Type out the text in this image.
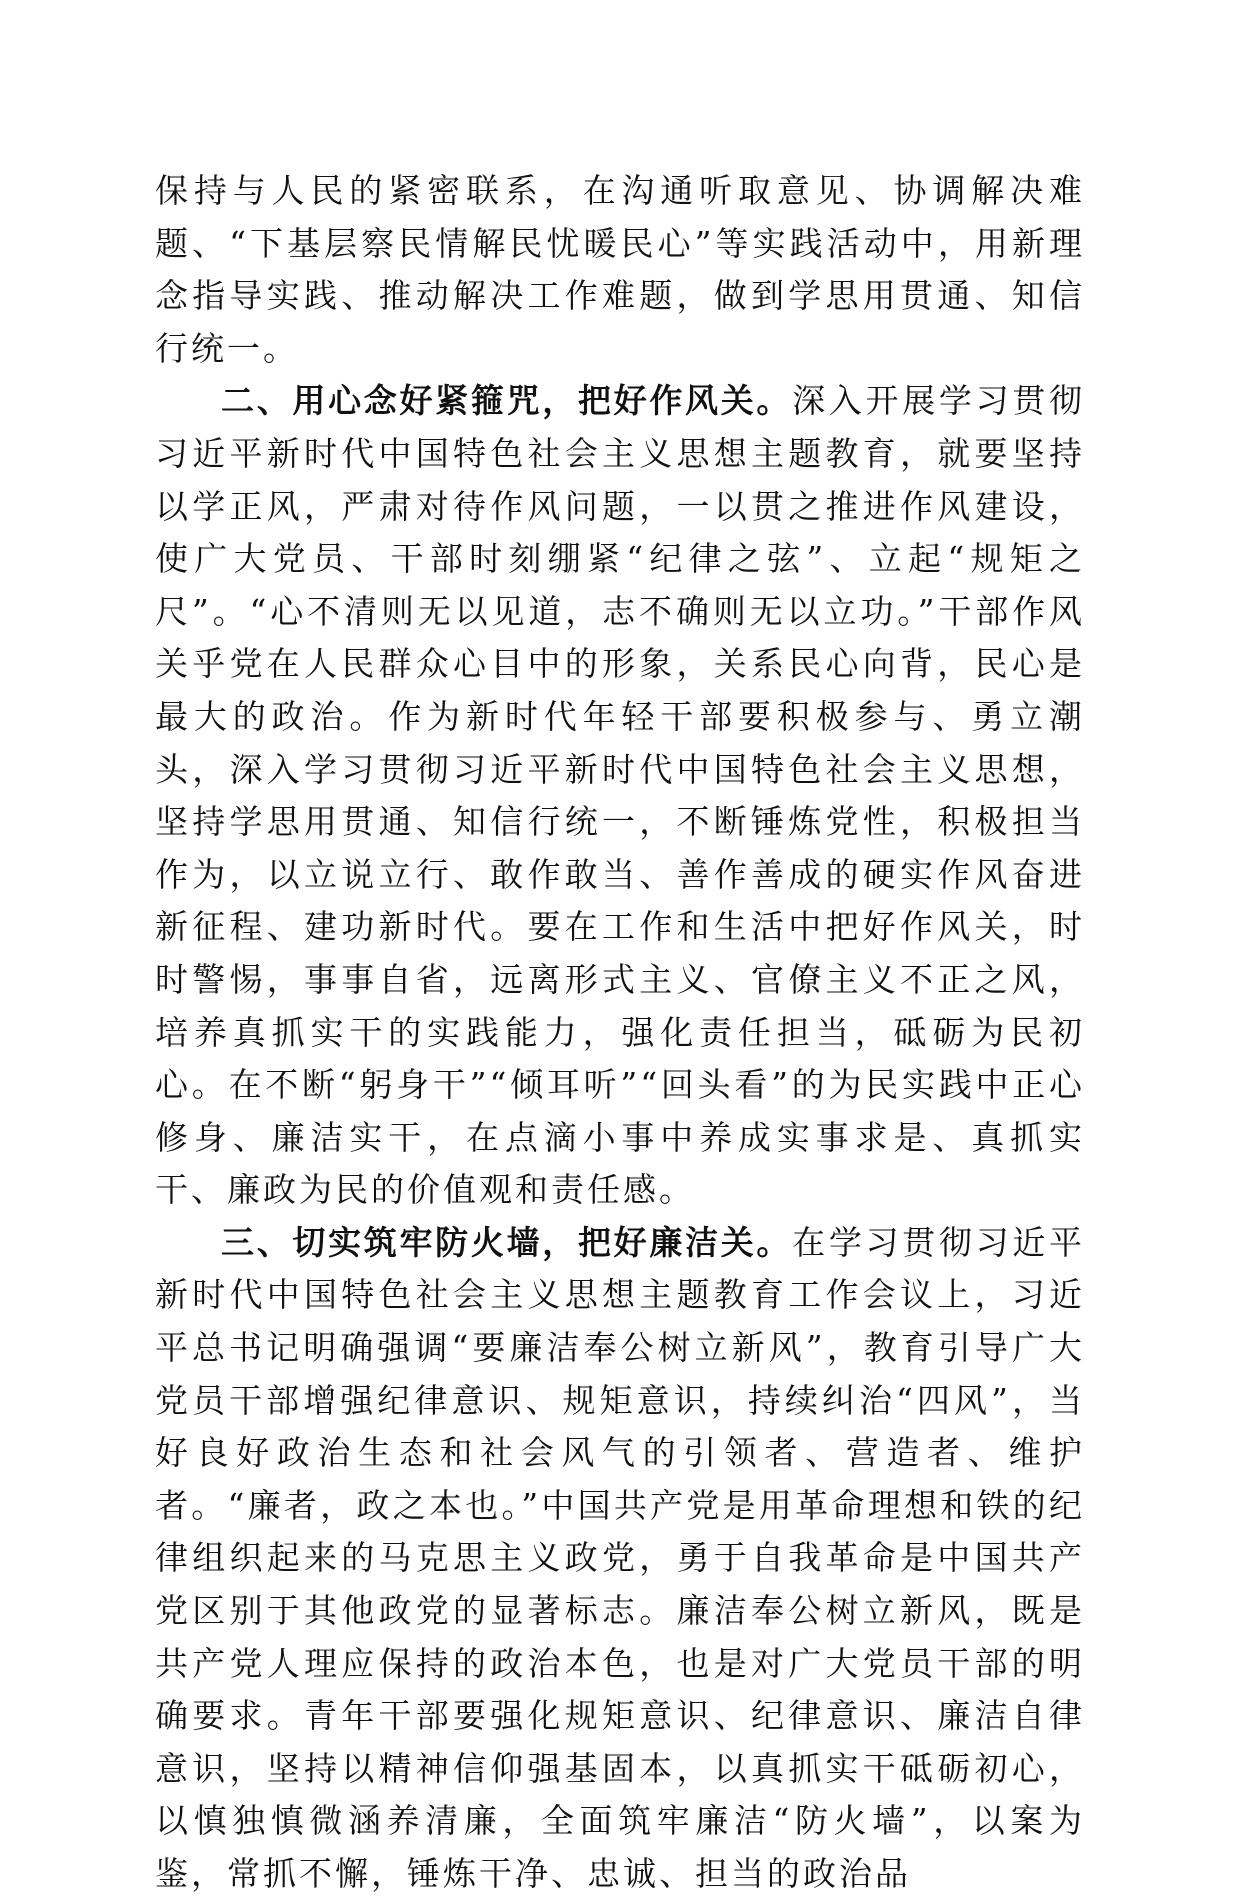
保持与人民的紧密联系，在沟通听取意见、协调解决难题、“下基层察民情解民忧暖民心”等实践活动中，用新理念指导实践、推动解决工作难题，做到学思用贯通、知信行统一。

二、用心念好紧箍咒，把好作风关。深入开展学习贯彻习近平新时代中国特色社会主义思想主题教育，就要坚持以学正风，严肃对待作风问题，一以贯之推进作风建设，使广大党员、干部时刻绷紧“纪律之弦”、立起“规矩之尺”。“心不清则无以见道，志不确则无以立功。”干部作风关乎党在人民群众心目中的形象，关系民心向背，民心是最大的政治。作为新时代年轻干部要积极参与、勇立潮头，深入学习贯彻习近平新时代中国特色社会主义思想，坚持学思用贯通、知信行统一，不断锤炼党性，积极担当作为，以立说立行、敢作敢当、善作善成的硬实作风奋进新征程、建功新时代。要在工作和生活中把好作风关，时时警惕，事事自省，远离形式主义、官僚主义不正之风，培养真抓实干的实践能力，强化责任担当，砥砺为民初心。在不断“躬身干”“倾耳听”“回头看”的为民实践中正心修身、廉洁实干，在点滴小事中养成实事求是、真抓实干、廉政为民的价值观和责任感。

三、切实筑牢防火墙，把好廉洁关。在学习贯彻习近平新时代中国特色社会主义思想主题教育工作会议上，习近平总书记明确强调“要廉洁奉公树立新风”，教育引导广大党员干部增强纪律意识、规矩意识，持续纠治“四风”，当好良好政治生态和社会风气的引领者、营造者、维护者。“廉者，政之本也。”中国共产党是用革命理想和铁的纪律组织起来的马克思主义政党，勇于自我革命是中国共产党区别于其他政党的显著标志。廉洁奉公树立新风，既是共产党人理应保持的政治本色，也是对广大党员干部的明确要求。青年干部要强化规矩意识、纪律意识、廉洁自律意识，坚持以精神信仰强基固本，以真抓实干砥砺初心，以慎独慎微涵养清廉，全面筑牢廉洁“防火墙”，以案为鉴，常抓不懈，锤炼干净、忠诚、担当的政治品
